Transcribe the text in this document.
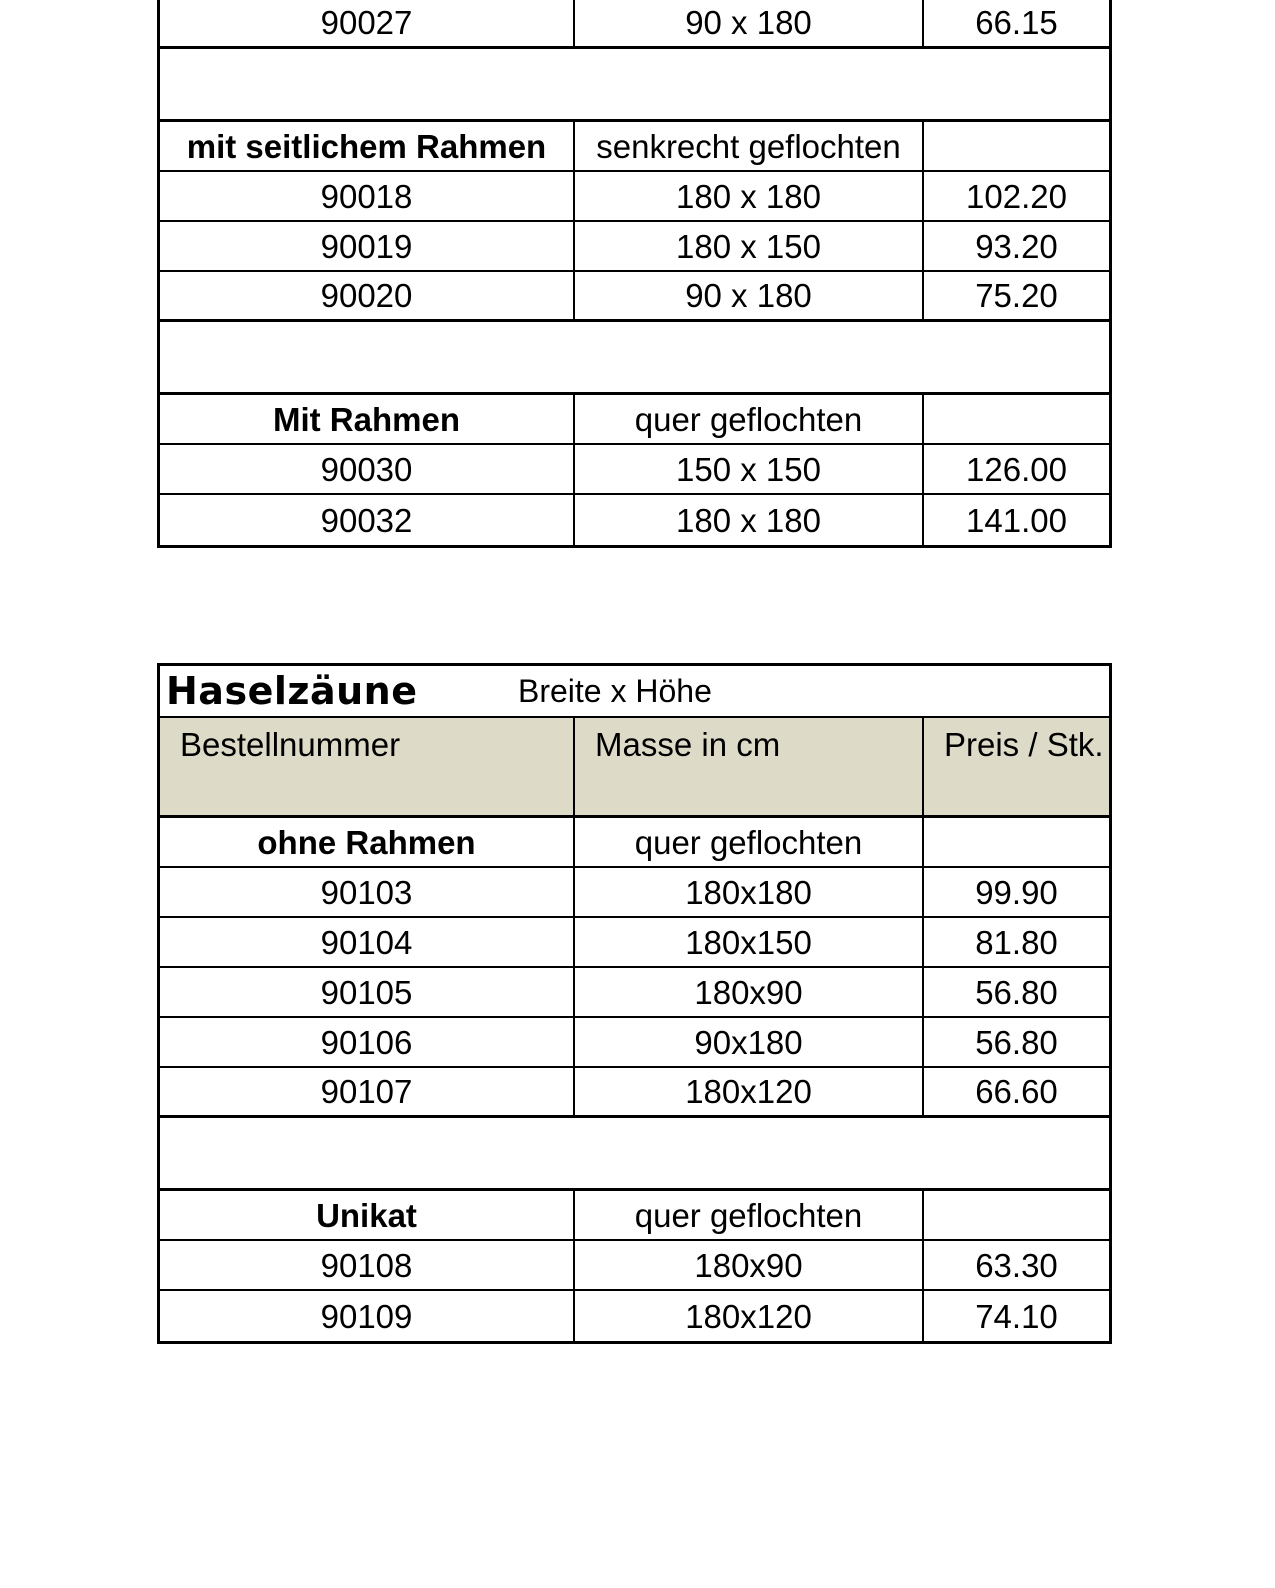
90027	90 x 180	66.15
mit seitlichem Rahmen	senkrecht geflochten
90018	180 x 180	102.20
90019	180 x 150	93.20
90020	90 x 180	75.20
Mit Rahmen	quer geflochten
90030	150 x 150	126.00
90032	180 x 180	141.00
Haselzäune	Breite x Höhe
Bestellnummer	Masse in cm	Preis / Stk.
ohne Rahmen	quer geflochten
90103	180x180	99.90
90104	180x150	81.80
90105	180x90	56.80
90106	90x180	56.80
90107	180x120	66.60
Unikat	quer geflochten
90108	180x90	63.30
90109	180x120	74.10
